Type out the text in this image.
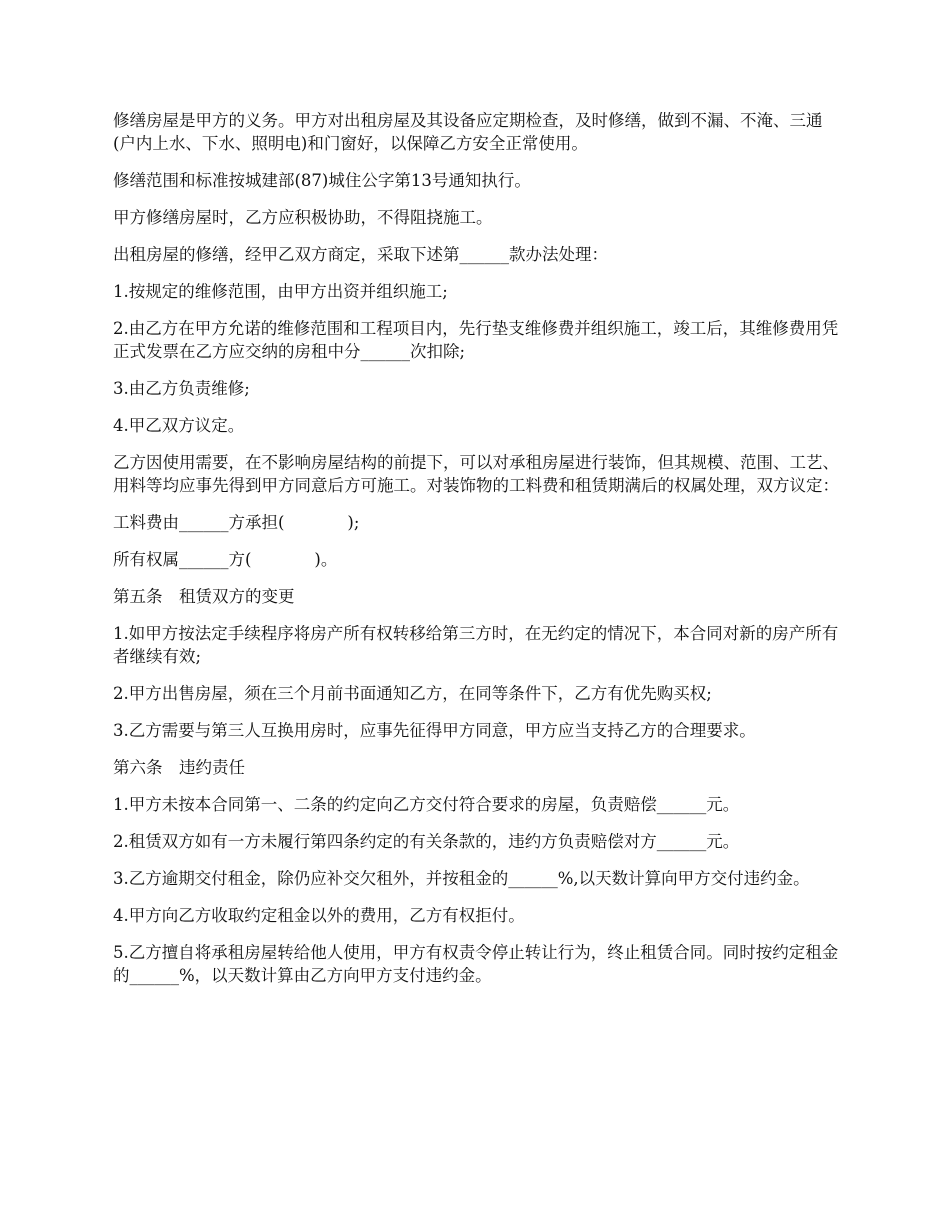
修缮房屋是甲方的义务。甲方对出租房屋及其设备应定期检查，及时修缮，做到不漏、不淹、三通(户内上水、下水、照明电)和门窗好，以保障乙方安全正常使用。

修缮范围和标准按城建部(87)城住公字第13号通知执行。

甲方修缮房屋时，乙方应积极协助，不得阻挠施工。

出租房屋的修缮，经甲乙双方商定，采取下述第______款办法处理：

1.按规定的维修范围，由甲方出资并组织施工;

2.由乙方在甲方允诺的维修范围和工程项目内，先行垫支维修费并组织施工，竣工后，其维修费用凭正式发票在乙方应交纳的房租中分______次扣除;

3.由乙方负责维修;

4.甲乙双方议定。

乙方因使用需要，在不影响房屋结构的前提下，可以对承租房屋进行装饰，但其规模、范围、工艺、用料等均应事先得到甲方同意后方可施工。对装饰物的工料费和租赁期满后的权属处理，双方议定：

工料费由______方承担(            );

所有权属______方(            )。

第五条　租赁双方的变更

1.如甲方按法定手续程序将房产所有权转移给第三方时，在无约定的情况下，本合同对新的房产所有者继续有效;

2.甲方出售房屋，须在三个月前书面通知乙方，在同等条件下，乙方有优先购买权;

3.乙方需要与第三人互换用房时，应事先征得甲方同意，甲方应当支持乙方的合理要求。

第六条　违约责任

1.甲方未按本合同第一、二条的约定向乙方交付符合要求的房屋，负责赔偿______元。

2.租赁双方如有一方未履行第四条约定的有关条款的，违约方负责赔偿对方______元。

3.乙方逾期交付租金，除仍应补交欠租外，并按租金的______%,以天数计算向甲方交付违约金。

4.甲方向乙方收取约定租金以外的费用，乙方有权拒付。

5.乙方擅自将承租房屋转给他人使用，甲方有权责令停止转让行为，终止租赁合同。同时按约定租金的______%，以天数计算由乙方向甲方支付违约金。
